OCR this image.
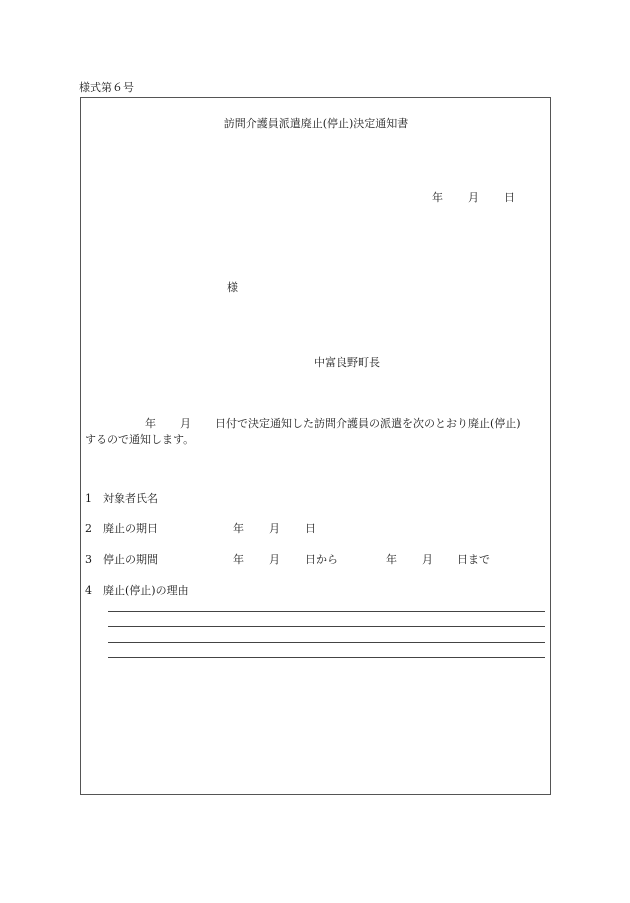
様式第６号
訪問介護員派遣廃止(停止)決定通知書
年 月 日
様
中富良野町長
年 月 日付で決定通知した訪問介護員の派遣を次のとおり廃止(停止)
するので通知します。
1 対象者氏名
2 廃止の期日	年 月 日
3 停止の期間	年 月 日から	年 月 日まで
4 廃止(停止)の理由
